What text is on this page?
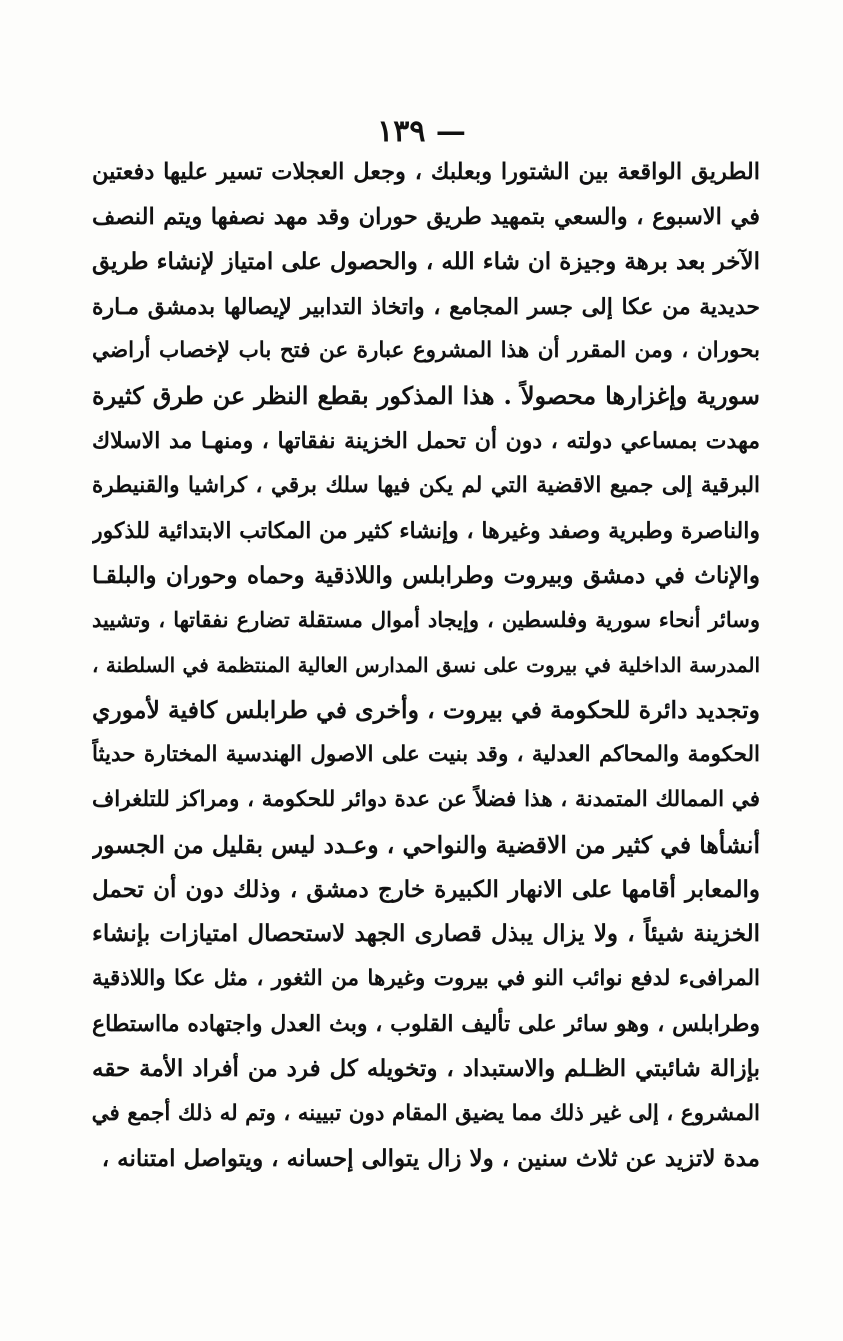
— ١٣٩
الطريق الواقعة بين الشتورا وبعلبك ، وجعل العجلات تسير عليها دفعتين
في الاسبوع ، والسعي بتمهيد طريق حوران وقد مهد نصفها ويتم النصف
الآخر بعد برهة وجيزة ان شاء الله ، والحصول على امتياز لإنشاء طريق
حديدية من عكا إلى جسر المجامع ، واتخاذ التدابير لإيصالها بدمشق مـارة
بحوران ، ومن المقرر أن هذا المشروع عبارة عن فتح باب لإخصاب أراضي
سورية وإغزارها محصولاً . هذا المذكور بقطع النظر عن طرق كثيرة
مهدت بمساعي دولته ، دون أن تحمل الخزينة نفقاتها ، ومنهـا مد الاسلاك
البرقية إلى جميع الاقضية التي لم يكن فيها سلك برقي ، كراشيا والقنيطرة
والناصرة وطبرية وصفد وغيرها ، وإنشاء كثير من المكاتب الابتدائية للذكور
والإناث في دمشق وبيروت وطرابلس واللاذقية وحماه وحوران والبلقـا
وسائر أنحاء سورية وفلسطين ، وإيجاد أموال مستقلة تضارع نفقاتها ، وتشييد
المدرسة الداخلية في بيروت على نسق المدارس العالية المنتظمة في السلطنة ،
وتجديد دائرة للحكومة في بيروت ، وأخرى في طرابلس كافية لأموري
الحكومة والمحاكم العدلية ، وقد بنيت على الاصول الهندسية المختارة حديثاً
في الممالك المتمدنة ، هذا فضلاً عن عدة دوائر للحكومة ، ومراكز للتلغراف
أنشأها في كثير من الاقضية والنواحي ، وعـدد ليس بقليل من الجسور
والمعابر أقامها على الانهار الكبيرة خارج دمشق ، وذلك دون أن تحمل
الخزينة شيئاً ، ولا يزال يبذل قصارى الجهد لاستحصال امتيازات بإنشاء
المرافىء لدفع نوائب النو في بيروت وغيرها من الثغور ، مثل عكا واللاذقية
وطرابلس ، وهو سائر على تأليف القلوب ، وبث العدل واجتهاده مااستطاع
بإزالة شائبتي الظـلم والاستبداد ، وتخويله كل فرد من أفراد الأمة حقه
المشروع ، إلى غير ذلك مما يضيق المقام دون تبيينه ، وتم له ذلك أجمع في
مدة لاتزيد عن ثلاث سنين ، ولا زال يتوالى إحسانه ، ويتواصل امتنانه ،
